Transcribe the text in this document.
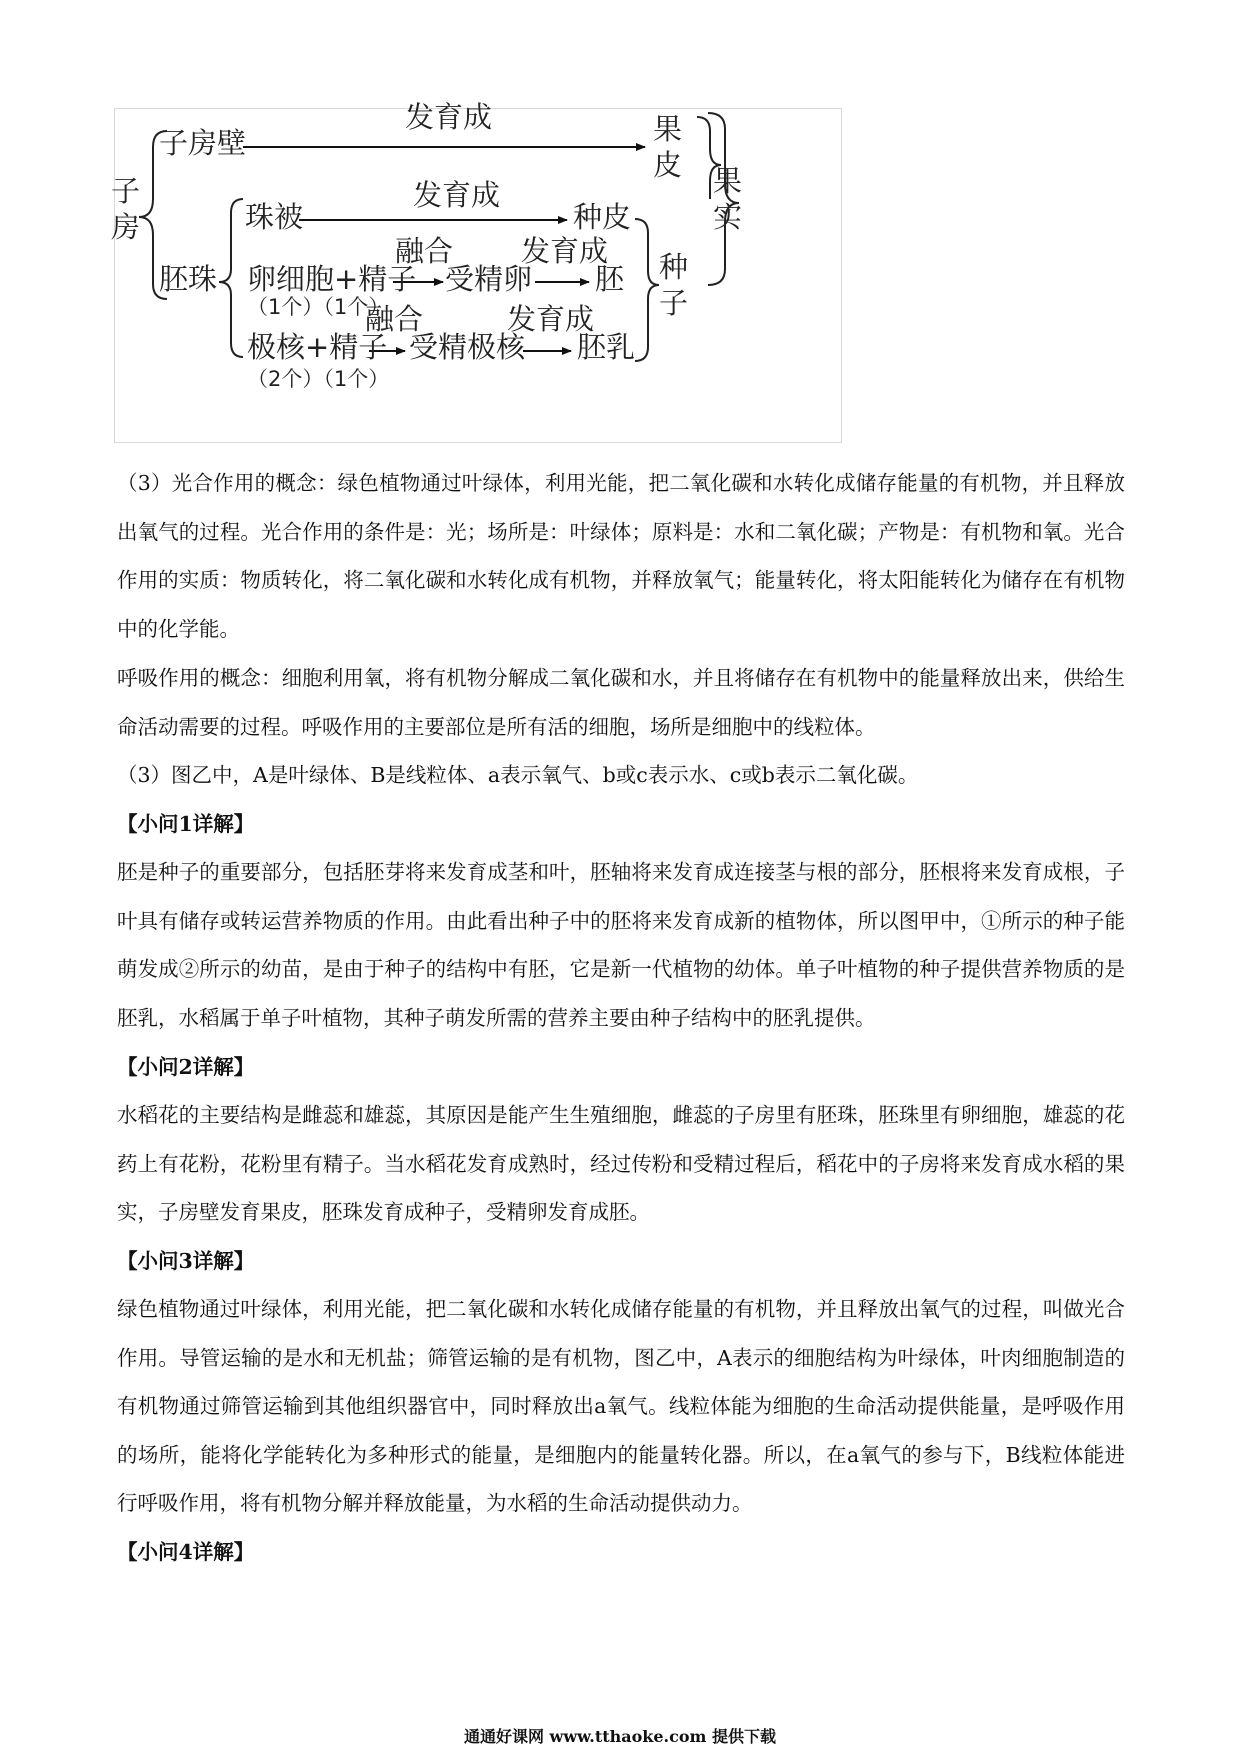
子
房
子房壁
发育成	果
皮 果
实
珠被
发育成
种皮
胚珠	种
子
卵细胞+精子
（1个）（1个）
融合
受精卵
发育成
胚
极核+精子
（2个）（1个）
融合
受精极核
发育成
胚乳

（3）光合作用的概念：绿色植物通过叶绿体，利用光能，把二氧化碳和水转化成储存能量的有机物，并且释放出氧气的过程。光合作用的条件是：光；场所是：叶绿体；原料是：水和二氧化碳；产物是：有机物和氧。光合作用的实质：物质转化，将二氧化碳和水转化成有机物，并释放氧气；能量转化，将太阳能转化为储存在有机物中的化学能。

呼吸作用的概念：细胞利用氧，将有机物分解成二氧化碳和水，并且将储存在有机物中的能量释放出来，供给生命活动需要的过程。呼吸作用的主要部位是所有活的细胞，场所是细胞中的线粒体。

（3）图乙中，A是叶绿体、B是线粒体、a表示氧气、b或c表示水、c或b表示二氧化碳。

【小问1详解】

胚是种子的重要部分，包括胚芽将来发育成茎和叶，胚轴将来发育成连接茎与根的部分，胚根将来发育成根，子叶具有储存或转运营养物质的作用。由此看出种子中的胚将来发育成新的植物体，所以图甲中，①所示的种子能萌发成②所示的幼苗，是由于种子的结构中有胚，它是新一代植物的幼体。单子叶植物的种子提供营养物质的是胚乳，水稻属于单子叶植物，其种子萌发所需的营养主要由种子结构中的胚乳提供。

【小问2详解】

水稻花的主要结构是雌蕊和雄蕊，其原因是能产生生殖细胞，雌蕊的子房里有胚珠，胚珠里有卵细胞，雄蕊的花药上有花粉，花粉里有精子。当水稻花发育成熟时，经过传粉和受精过程后，稻花中的子房将来发育成水稻的果实，子房壁发育果皮，胚珠发育成种子，受精卵发育成胚。

【小问3详解】

绿色植物通过叶绿体，利用光能，把二氧化碳和水转化成储存能量的有机物，并且释放出氧气的过程，叫做光合作用。导管运输的是水和无机盐；筛管运输的是有机物，图乙中，A表示的细胞结构为叶绿体，叶肉细胞制造的有机物通过筛管运输到其他组织器官中，同时释放出a氧气。线粒体能为细胞的生命活动提供能量，是呼吸作用的场所，能将化学能转化为多种形式的能量，是细胞内的能量转化器。所以，在a氧气的参与下，B线粒体能进行呼吸作用，将有机物分解并释放能量，为水稻的生命活动提供动力。

【小问4详解】

通通好课网 www.tthaoke.com 提供下载
